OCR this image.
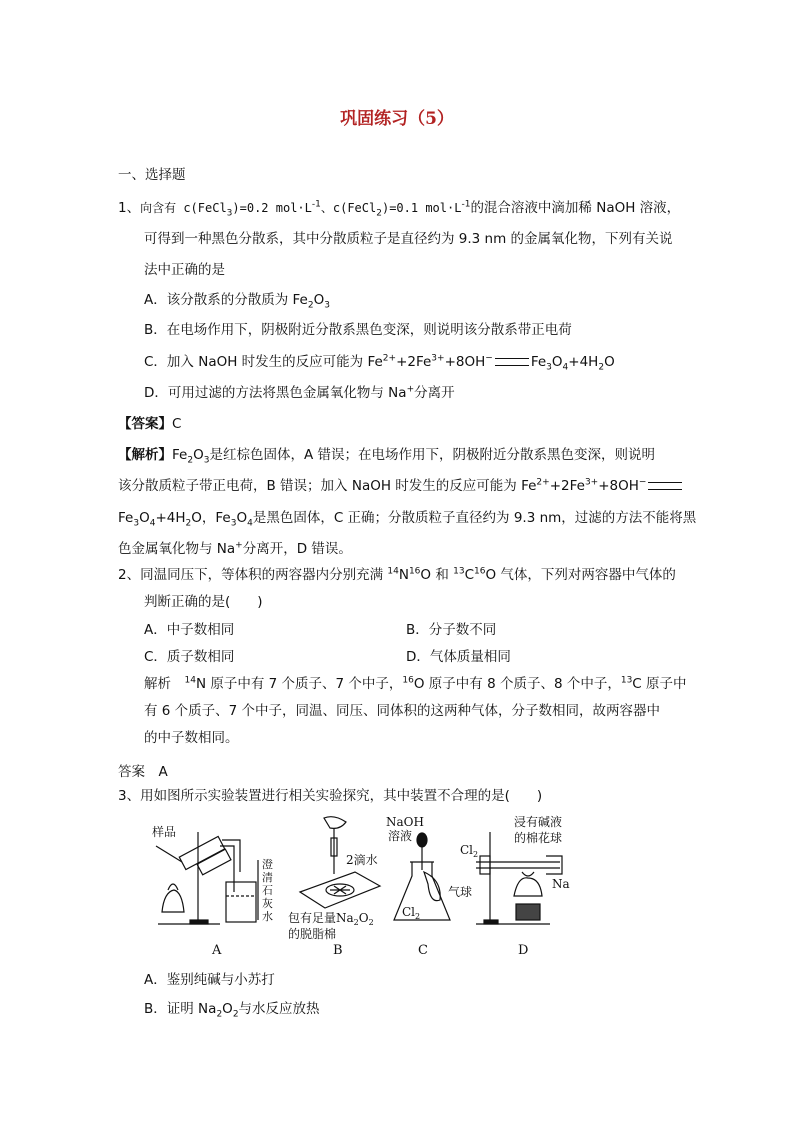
巩固练习（5）
一、选择题
1、向含有 c(FeCl$_3$)=0.2 $mol\cdot L^{-1}$、c(FeCl$_2$)=0.1 $mol\cdot L^{-1}$的混合溶液中滴加稀 NaOH 溶液，
可得到一种黑色分散系，其中分散质粒子是直径约为 9.3 nm 的金属氧化物，下列有关说
法中正确的是
A．该分散系的分散质为 $Fe_2O_3$
B．在电场作用下，阴极附近分散系黑色变深，则说明该分散系带正电荷
C．加入 NaOH 时发生的反应可能为 $Fe^{2+}+2Fe^{3+}+8OH^-$	$Fe_3O_4+4H_2O$
D．可用过滤的方法将黑色金属氧化物与 Na+分离开
【答案】C
【解析】$Fe_2O_3$是红棕色固体，A 错误；在电场作用下，阴极附近分散系黑色变深，则说明
该分散质粒子带正电荷，B 错误；加入 NaOH 时发生的反应可能为 $Fe^{2+}+2Fe^{3+}+8OH^-$
$Fe_3O_4+4H_2O$，$Fe_3O_4$是黑色固体，C 正确；分散质粒子直径约为 9.3 nm，过滤的方法不能将黑
色金属氧化物与 Na+分离开，D 错误。
2、同温同压下，等体积的两容器内分别充满 $^{14}N^{16}O$ 和 $^{13}C^{16}O$ 气体，下列对两容器中气体的
判断正确的是(　　)
A．中子数相同	B．分子数不同
C．质子数相同	D．气体质量相同
解析　$^{14}$N 原子中有 7 个质子、7 个中子，$^{16}$O 原子中有 8 个质子、8 个中子，$^{13}$C 原子中
有 6 个质子、7 个中子，同温、同压、同体积的这两种气体，分子数相同，故两容器中
的中子数相同。
答案　A
3、用如图所示实验装置进行相关实验探究，其中装置不合理的是(　　)
样品
澄清石灰水
2滴水
包有足量$Na_2O_2$
的脱脂棉
NaOH
溶液
$Cl_2$
气球
$Cl_2$
浸有碱液
的棉花球
Na
A	B	C	D
A．鉴别纯碱与小苏打
B．证明 $Na_2O_2$与水反应放热
